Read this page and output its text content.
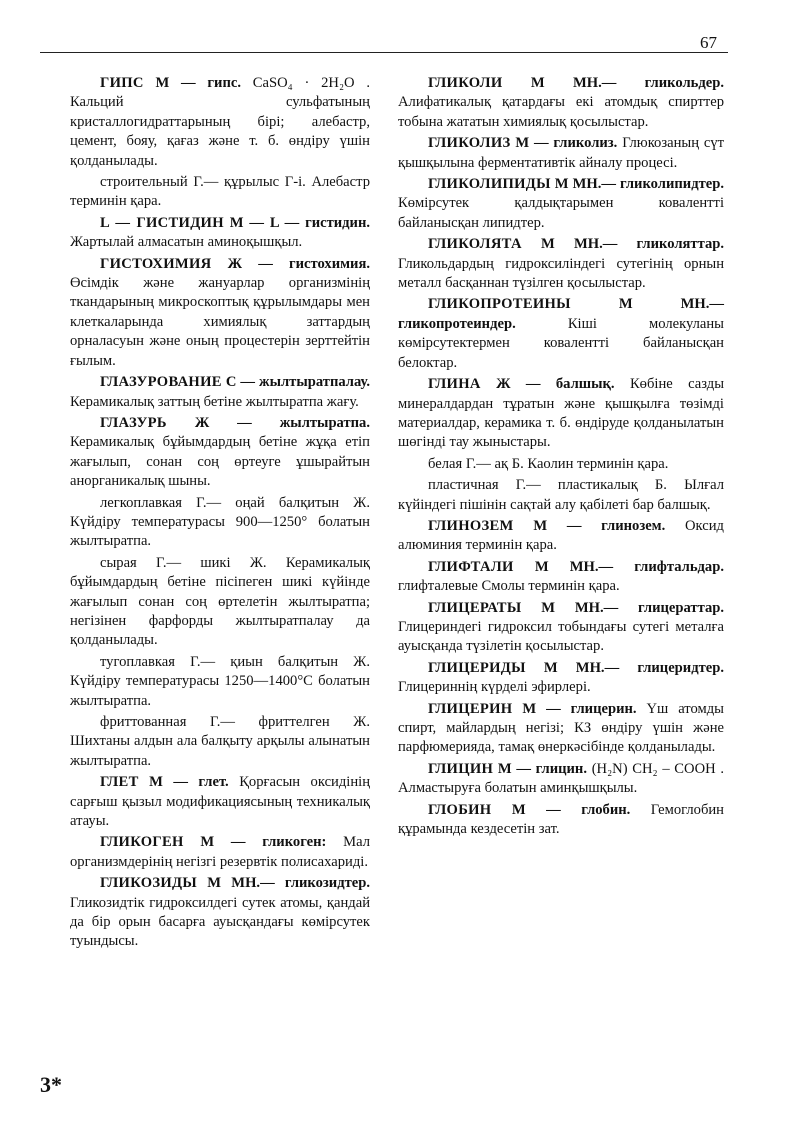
67
ГИПС М — гипс. CaSO₄ · 2H₂O . Кальций сульфатының кристаллогидраттарының бірі; алебастр, цемент, бояу, қағаз және т. б. өндіру үшін қолданылады.
строительный Г.— құрылыс Г-і. Алебастр терминін қара.
L — ГИСТИДИН М — L — гистидин. Жартылай алмасатын аминоқышқыл.
ГИСТОХИМИЯ Ж — гистохимия. Өсімдік және жануарлар организмінің ткандарының микроскоптық құрылымдары мен клеткаларында химиялық заттардың орналасуын және оның процестерін зерттейтін ғылым.
ГЛАЗУРОВАНИЕ С — жылтыратпалау. Керамикалық заттың бетіне жылтыратпа жағу.
ГЛАЗУРЬ Ж — жылтыратпа. Керамикалық бұйымдардың бетіне жұқа етіп жағылып, сонан соң өртеуге ұшырайтын анорганикалық шыны.
легкоплавкая Г.— оңай балқитын Ж. Күйдіру температурасы 900—1250° болатын жылтыратпа.
сырая Г.— шикі Ж. Керамикалық бұйымдардың бетіне пісіпеген шикі күйінде жағылып сонан соң өртелетін жылтыратпа; негізінен фарфорды жылтыратпалау да қолданылады.
тугоплавкая Г.— қиын балқитын Ж. Күйдіру температурасы 1250—1400°С болатын жылтыратпа.
фриттованная Г.— фриттелген Ж. Шихтаны алдын ала балқыту арқылы алынатын жылтыратпа.
ГЛЕТ М — глет. Қорғасын оксидінің сарғыш қызыл модификациясының техникалық атауы.
ГЛИКОГЕН М — гликоген: Мал организмдерінің негізгі резервтік полисахариді.
ГЛИКОЗИДЫ М МН.— гликозидтер. Гликозидтік гидроксилдегі сутек атомы, қандай да бір орын басарға ауысқандағы көмірсутек туындысы.
ГЛИКОЛИ М МН.— гликольдер. Алифатикалық қатардағы екі атомдық спирттер тобына жататын химиялық қосылыстар.
ГЛИКОЛИЗ М — гликолиз. Глюкозаның сүт қышқылына ферментативтік айналу процесі.
ГЛИКОЛИПИДЫ М МН.— гликолипидтер. Көмірсутек қалдықтарымен коваленттi байланысқан липидтер.
ГЛИКОЛЯТА М МН.— гликоляттар. Гликольдардың гидроксиліндегі сутегінің орнын металл басқаннан түзілген қосылыстар.
ГЛИКОПРОТЕИНЫ	М МН.— гликопротеиндер.	Кіші молекуланы көмірсутектермен коваленттi байланысқан белоктар.
ГЛИНА Ж — балшық. Көбіне сазды минералдардан тұратын және қышқылға төзімді материалдар, керамика т. б. өндіруде қолданылатын шөгінді тау жыныстары.
белая Г.— ақ Б. Каолин терминін қара.
пластичная Г.— пластикалық Б. Ылғал күйіндегі пішінін сақтай алу қабілеті бар балшық.
ГЛИНОЗЕМ М — глинозем. Оксид алюминия терминін қара.
ГЛИФТАЛИ М МН.— глифтальдар. глифталевые Смолы терминін қара.
ГЛИЦЕРАТЫ М МН.— глицераттар. Глицериндегі гидроксил тобындағы сутегі металға ауысқанда түзілетін қосылыстар.
ГЛИЦЕРИДЫ М МН.— глицеридтер. Глицериннің күрделі эфирлері.
ГЛИЦЕРИН М — глицерин. Үш атомды спирт, майлардың негізі; КЗ өндіру үшін және парфюмерияда, тамақ өнеркәсібінде қолданылады.
ГЛИЦИН М — глицин. (H₂N) CH₂ – COOH . Алмастыруға болатын аминқышқылы.
ГЛОБИН М — глобин. Гемоглобин құрамында кездесетін зат.
3*
